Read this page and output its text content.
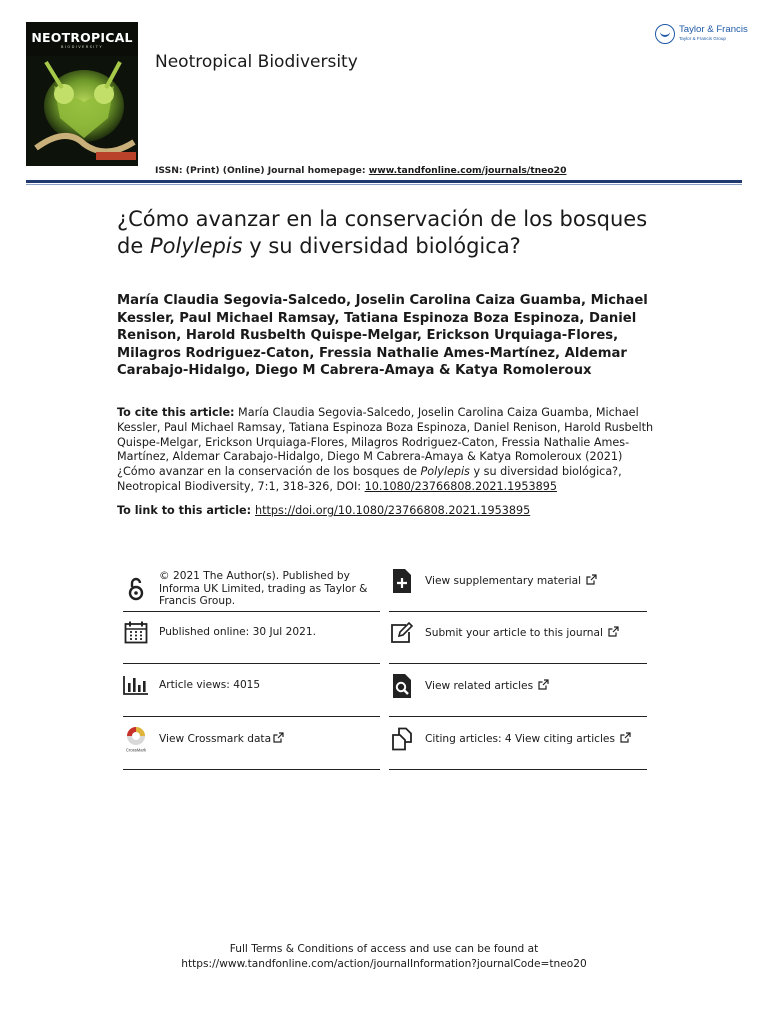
NEOTROPICAL
BIODIVERSITY
Neotropical Biodiversity
ISSN: (Print) (Online) Journal homepage: www.tandfonline.com/journals/tneo20
Taylor & Francis
Taylor & Francis Group
¿Cómo avanzar en la conservación de los bosques de Polylepis y su diversidad biológica?
María Claudia Segovia-Salcedo, Joselin Carolina Caiza Guamba, Michael Kessler, Paul Michael Ramsay, Tatiana Espinoza Boza Espinoza, Daniel Renison, Harold Rusbelth Quispe-Melgar, Erickson Urquiaga-Flores, Milagros Rodriguez-Caton, Fressia Nathalie Ames-Martínez, Aldemar Carabajo-Hidalgo, Diego M Cabrera-Amaya & Katya Romoleroux
To cite this article: María Claudia Segovia-Salcedo, Joselin Carolina Caiza Guamba, Michael Kessler, Paul Michael Ramsay, Tatiana Espinoza Boza Espinoza, Daniel Renison, Harold Rusbelth Quispe-Melgar, Erickson Urquiaga-Flores, Milagros Rodriguez-Caton, Fressia Nathalie Ames-Martínez, Aldemar Carabajo-Hidalgo, Diego M Cabrera-Amaya & Katya Romoleroux (2021) ¿Cómo avanzar en la conservación de los bosques de Polylepis y su diversidad biológica?, Neotropical Biodiversity, 7:1, 318-326, DOI: 10.1080/23766808.2021.1953895
To link to this article: https://doi.org/10.1080/23766808.2021.1953895
© 2021 The Author(s). Published by Informa UK Limited, trading as Taylor & Francis Group.
View supplementary material
Published online: 30 Jul 2021.	Submit your article to this journal
Article views: 4015	View related articles
CrossMark
View Crossmark data	Citing articles: 4 View citing articles
Full Terms & Conditions of access and use can be found at
https://www.tandfonline.com/action/journalInformation?journalCode=tneo20
